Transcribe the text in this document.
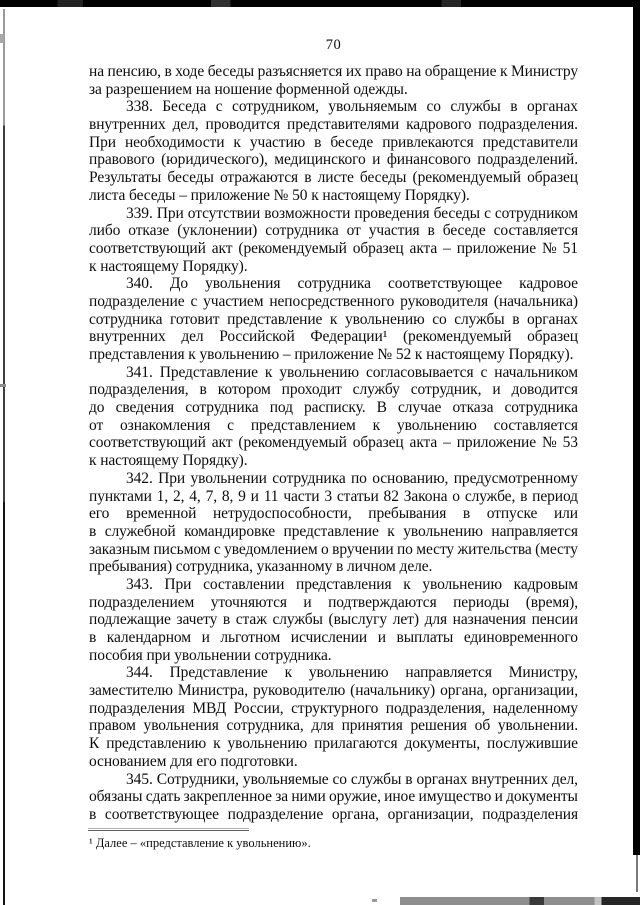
70
на пенсию, в ходе беседы разъясняется их право на обращение к Министру
за разрешением на ношение форменной одежды.
338. Беседа с сотрудником, увольняемым со службы в органах
внутренних дел, проводится представителями кадрового подразделения.
При необходимости к участию в беседе привлекаются представители
правового (юридического), медицинского и финансового подразделений.
Результаты беседы отражаются в листе беседы (рекомендуемый образец
листа беседы – приложение № 50 к настоящему Порядку).
339. При отсутствии возможности проведения беседы с сотрудником
либо отказе (уклонении) сотрудника от участия в беседе составляется
соответствующий акт (рекомендуемый образец акта – приложение № 51
к настоящему Порядку).
340. До увольнения сотрудника соответствующее кадровое
подразделение с участием непосредственного руководителя (начальника)
сотрудника готовит представление к увольнению со службы в органах
внутренних дел Российской Федерации¹ (рекомендуемый образец
представления к увольнению – приложение № 52 к настоящему Порядку).
341. Представление к увольнению согласовывается с начальником
подразделения, в котором проходит службу сотрудник, и доводится
до сведения сотрудника под расписку. В случае отказа сотрудника
от ознакомления с представлением к увольнению составляется
соответствующий акт (рекомендуемый образец акта – приложение № 53
к настоящему Порядку).
342. При увольнении сотрудника по основанию, предусмотренному
пунктами 1, 2, 4, 7, 8, 9 и 11 части 3 статьи 82 Закона о службе, в период
его временной нетрудоспособности, пребывания в отпуске или
в служебной командировке представление к увольнению направляется
заказным письмом с уведомлением о вручении по месту жительства (месту
пребывания) сотрудника, указанному в личном деле.
343. При составлении представления к увольнению кадровым
подразделением уточняются и подтверждаются периоды (время),
подлежащие зачету в стаж службы (выслугу лет) для назначения пенсии
в календарном и льготном исчислении и выплаты единовременного
пособия при увольнении сотрудника.
344. Представление к увольнению направляется Министру,
заместителю Министра, руководителю (начальнику) органа, организации,
подразделения МВД России, структурного подразделения, наделенному
правом увольнения сотрудника, для принятия решения об увольнении.
К представлению к увольнению прилагаются документы, послужившие
основанием для его подготовки.
345. Сотрудники, увольняемые со службы в органах внутренних дел,
обязаны сдать закрепленное за ними оружие, иное имущество и документы
в соответствующее подразделение органа, организации, подразделения
¹ Далее – «представление к увольнению».
